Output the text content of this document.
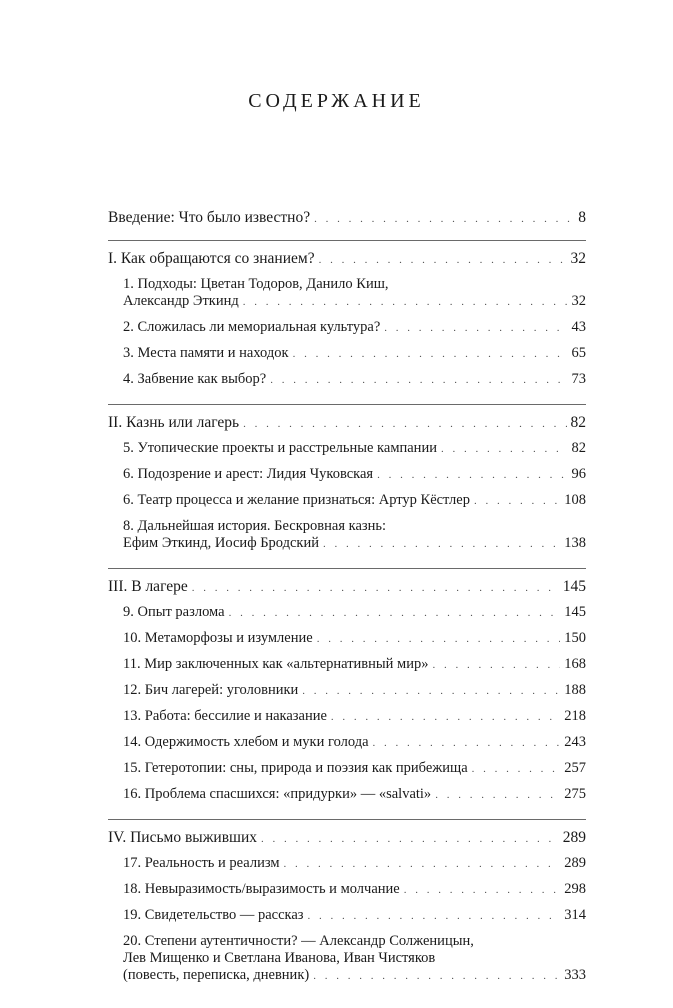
СОДЕРЖАНИЕ
Введение: Что было известно? . . .	8
I. Как обращаются со знанием? . . .	32
1. Подходы: Цветан Тодоров, Данило Киш,
Александр Эткинд . . .	32
2. Сложилась ли мемориальная культура? . . .	43
3. Места памяти и находок . . .	65
4. Забвение как выбор? . . .	73
II. Казнь или лагерь . . .	82
5. Утопические проекты и расстрельные кампании . . .	82
6. Подозрение и арест: Лидия Чуковская . . .	96
6. Театр процесса и желание признаться: Артур Кёстлер . . .	108
8. Дальнейшая история. Бескровная казнь:
Ефим Эткинд, Иосиф Бродский . . .	138
III. В лагере . . .	145
9. Опыт разлома . . .	145
10. Метаморфозы и изумление . . .	150
11. Мир заключенных как «альтернативный мир» . . .	168
12. Бич лагерей: уголовники . . .	188
13. Работа: бессилие и наказание . . .	218
14. Одержимость хлебом и муки голода . . .	243
15. Гетеротопии: сны, природа и поэзия как прибежища . . .	257
16. Проблема спасшихся: «придурки» — «salvati» . . .	275
IV. Письмо выживших . . .	289
17. Реальность и реализм . . .	289
18. Невыразимость/выразимость и молчание . . .	298
19. Свидетельство — рассказ . . .	314
20. Степени аутентичности? — Александр Солженицын,
Лев Мищенко и Светлана Иванова, Иван Чистяков
(повесть, переписка, дневник) . . .	333
